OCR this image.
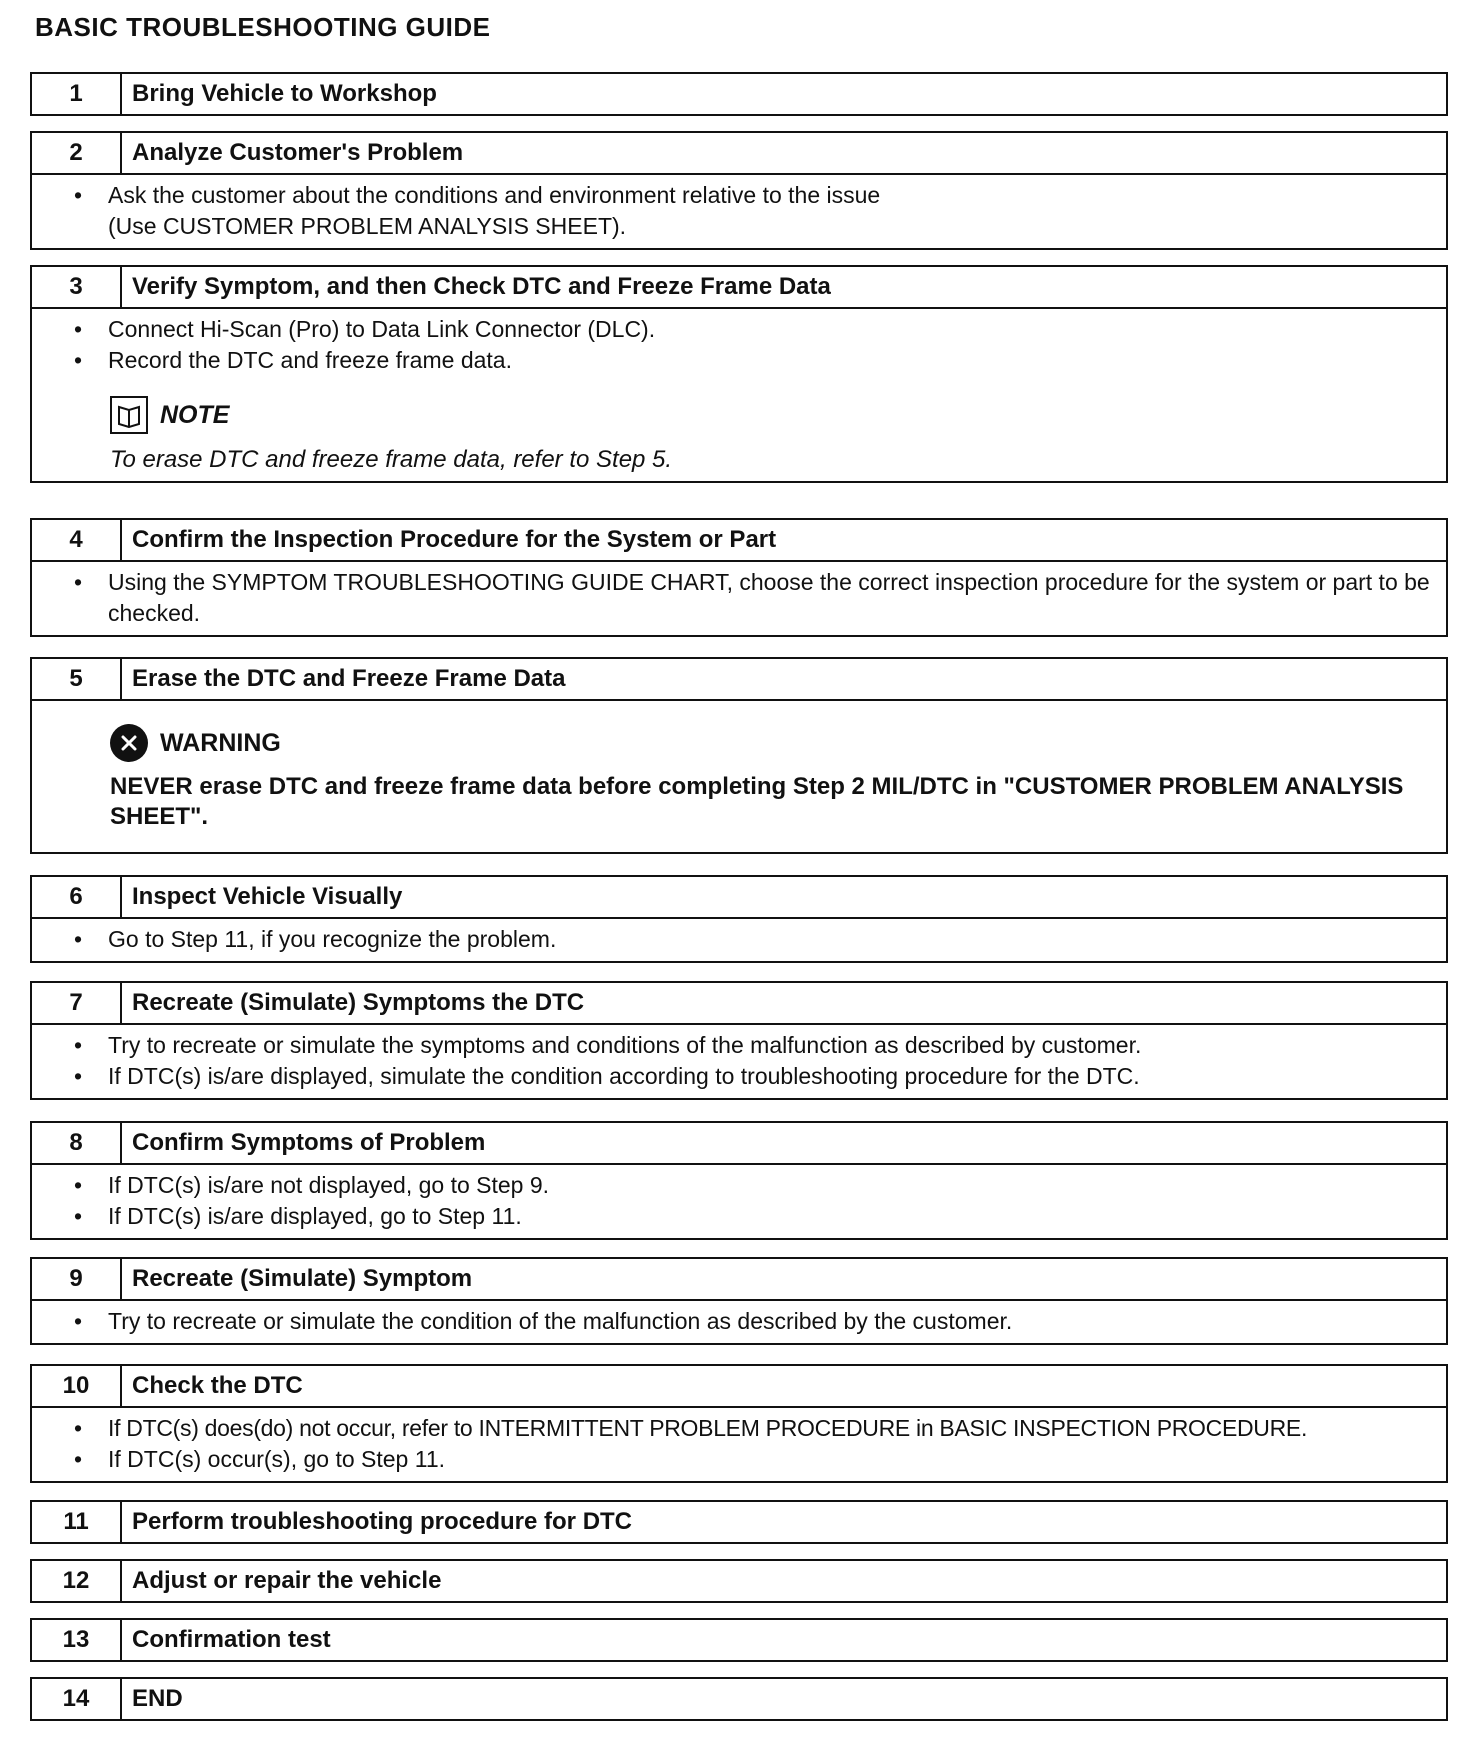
BASIC TROUBLESHOOTING GUIDE
1	Bring Vehicle to Workshop
2	Analyze Customer's Problem
• Ask the customer about the conditions and environment relative to the issue
(Use CUSTOMER PROBLEM ANALYSIS SHEET).
3	Verify Symptom, and then Check DTC and Freeze Frame Data
• Connect Hi-Scan (Pro) to Data Link Connector (DLC).
• Record the DTC and freeze frame data.
NOTE
To erase DTC and freeze frame data, refer to Step 5.
4	Confirm the Inspection Procedure for the System or Part
• Using the SYMPTOM TROUBLESHOOTING GUIDE CHART, choose the correct inspection procedure for the system or part to be checked.
5	Erase the DTC and Freeze Frame Data
WARNING
NEVER erase DTC and freeze frame data before completing Step 2 MIL/DTC in "CUSTOMER PROBLEM ANALYSIS SHEET".
6	Inspect Vehicle Visually
• Go to Step 11, if you recognize the problem.
7	Recreate (Simulate) Symptoms the DTC
• Try to recreate or simulate the symptoms and conditions of the malfunction as described by customer.
• If DTC(s) is/are displayed, simulate the condition according to troubleshooting procedure for the DTC.
8	Confirm Symptoms of Problem
• If DTC(s) is/are not displayed, go to Step 9.
• If DTC(s) is/are displayed, go to Step 11.
9	Recreate (Simulate) Symptom
• Try to recreate or simulate the condition of the malfunction as described by the customer.
10	Check the DTC
• If DTC(s) does(do) not occur, refer to INTERMITTENT PROBLEM PROCEDURE in BASIC INSPECTION PROCEDURE.
• If DTC(s) occur(s), go to Step 11.
11	Perform troubleshooting procedure for DTC
12	Adjust or repair the vehicle
13	Confirmation test
14	END
